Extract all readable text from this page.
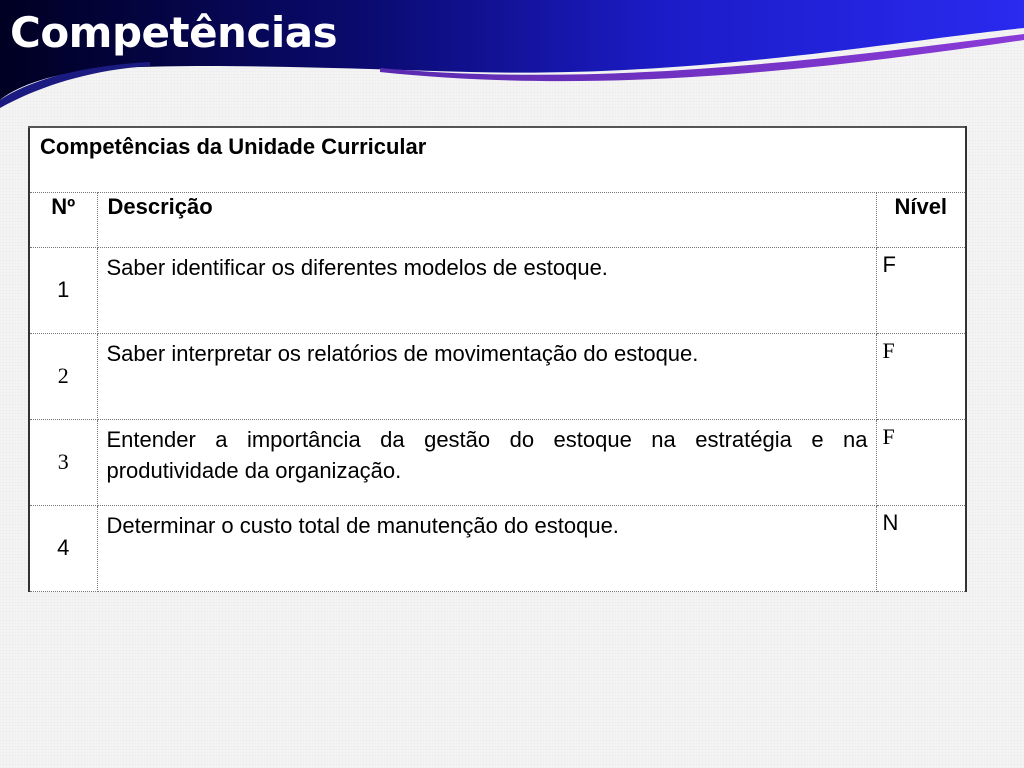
Competências
Competências da Unidade Curricular		
Nº	Descrição	Nível
1	Saber identificar os diferentes modelos de estoque.	F
2	Saber interpretar os relatórios de movimentação do estoque.	F
3	Entender a importância da gestão do estoque na estratégia e na produtividade da organização.	F
4	Determinar o custo total de manutenção do estoque.	N
